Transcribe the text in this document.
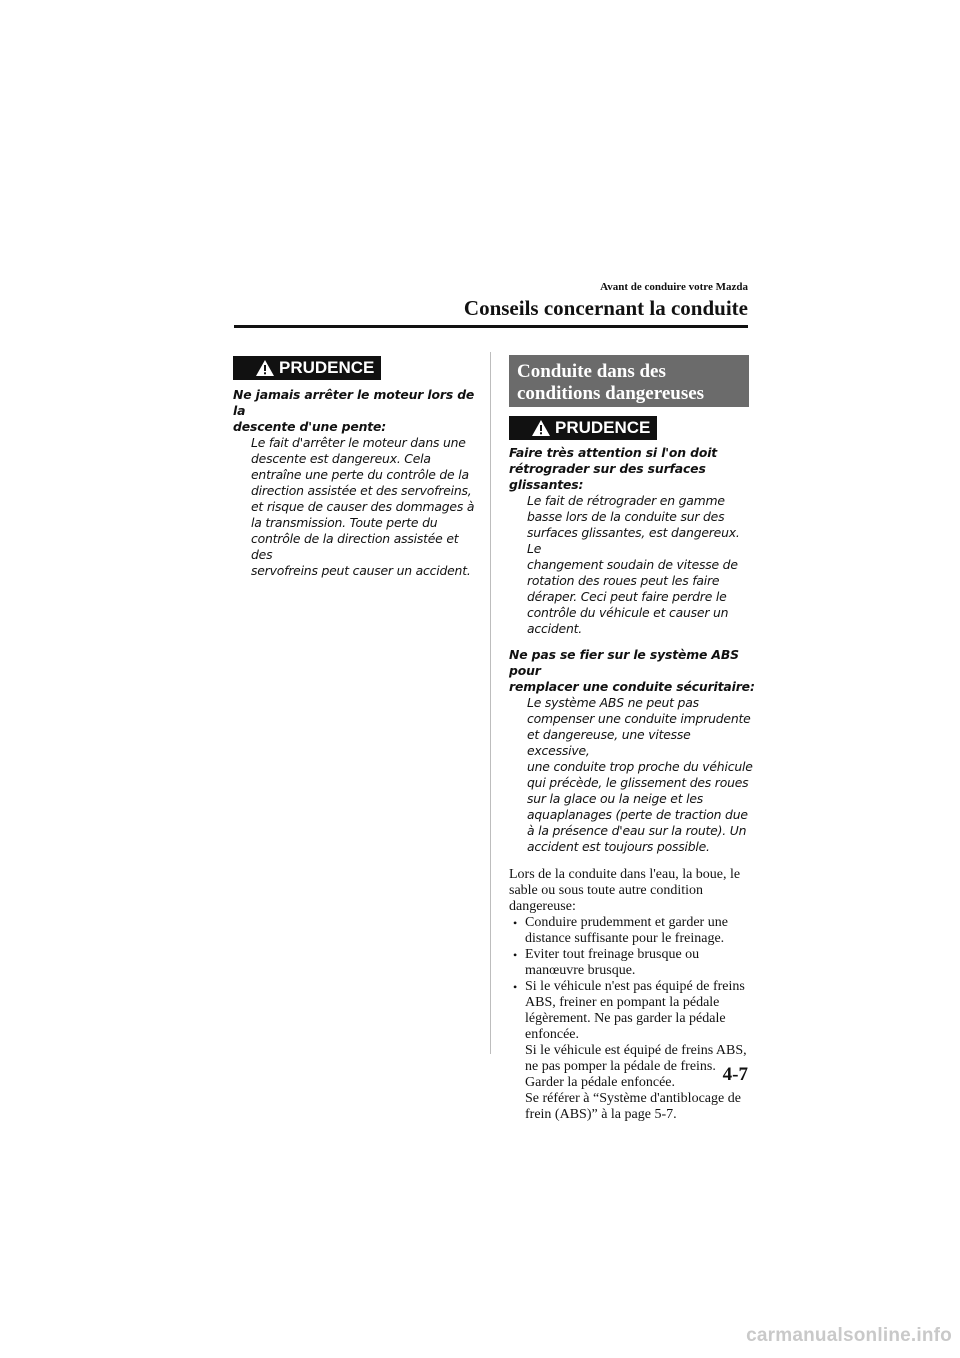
Avant de conduire votre Mazda
Conseils concernant la conduite
PRUDENCE
Ne jamais arrêter le moteur lors de la
descente d'une pente:
Le fait d'arrêter le moteur dans une
descente est dangereux. Cela
entraîne une perte du contrôle de la
direction assistée et des servofreins,
et risque de causer des dommages à
la transmission. Toute perte du
contrôle de la direction assistée et des
servofreins peut causer un accident.
Conduite dans des
conditions dangereuses
PRUDENCE
Faire très attention si l'on doit
rétrograder sur des surfaces glissantes:
Le fait de rétrograder en gamme
basse lors de la conduite sur des
surfaces glissantes, est dangereux. Le
changement soudain de vitesse de
rotation des roues peut les faire
déraper. Ceci peut faire perdre le
contrôle du véhicule et causer un
accident.
Ne pas se fier sur le système ABS pour
remplacer une conduite sécuritaire:
Le système ABS ne peut pas
compenser une conduite imprudente
et dangereuse, une vitesse excessive,
une conduite trop proche du véhicule
qui précède, le glissement des roues
sur la glace ou la neige et les
aquaplanages (perte de traction due
à la présence d'eau sur la route). Un
accident est toujours possible.
Lors de la conduite dans l'eau, la boue, le
sable ou sous toute autre condition
dangereuse:
• Conduire prudemment et garder une
distance suffisante pour le freinage.
• Eviter tout freinage brusque ou
manœuvre brusque.
• Si le véhicule n'est pas équipé de freins
ABS, freiner en pompant la pédale
légèrement. Ne pas garder la pédale
enfoncée.
Si le véhicule est équipé de freins ABS,
ne pas pomper la pédale de freins.
Garder la pédale enfoncée.
Se référer à “Système d'antiblocage de
frein (ABS)” à la page 5-7.
4-7
carmanualsonline.info
